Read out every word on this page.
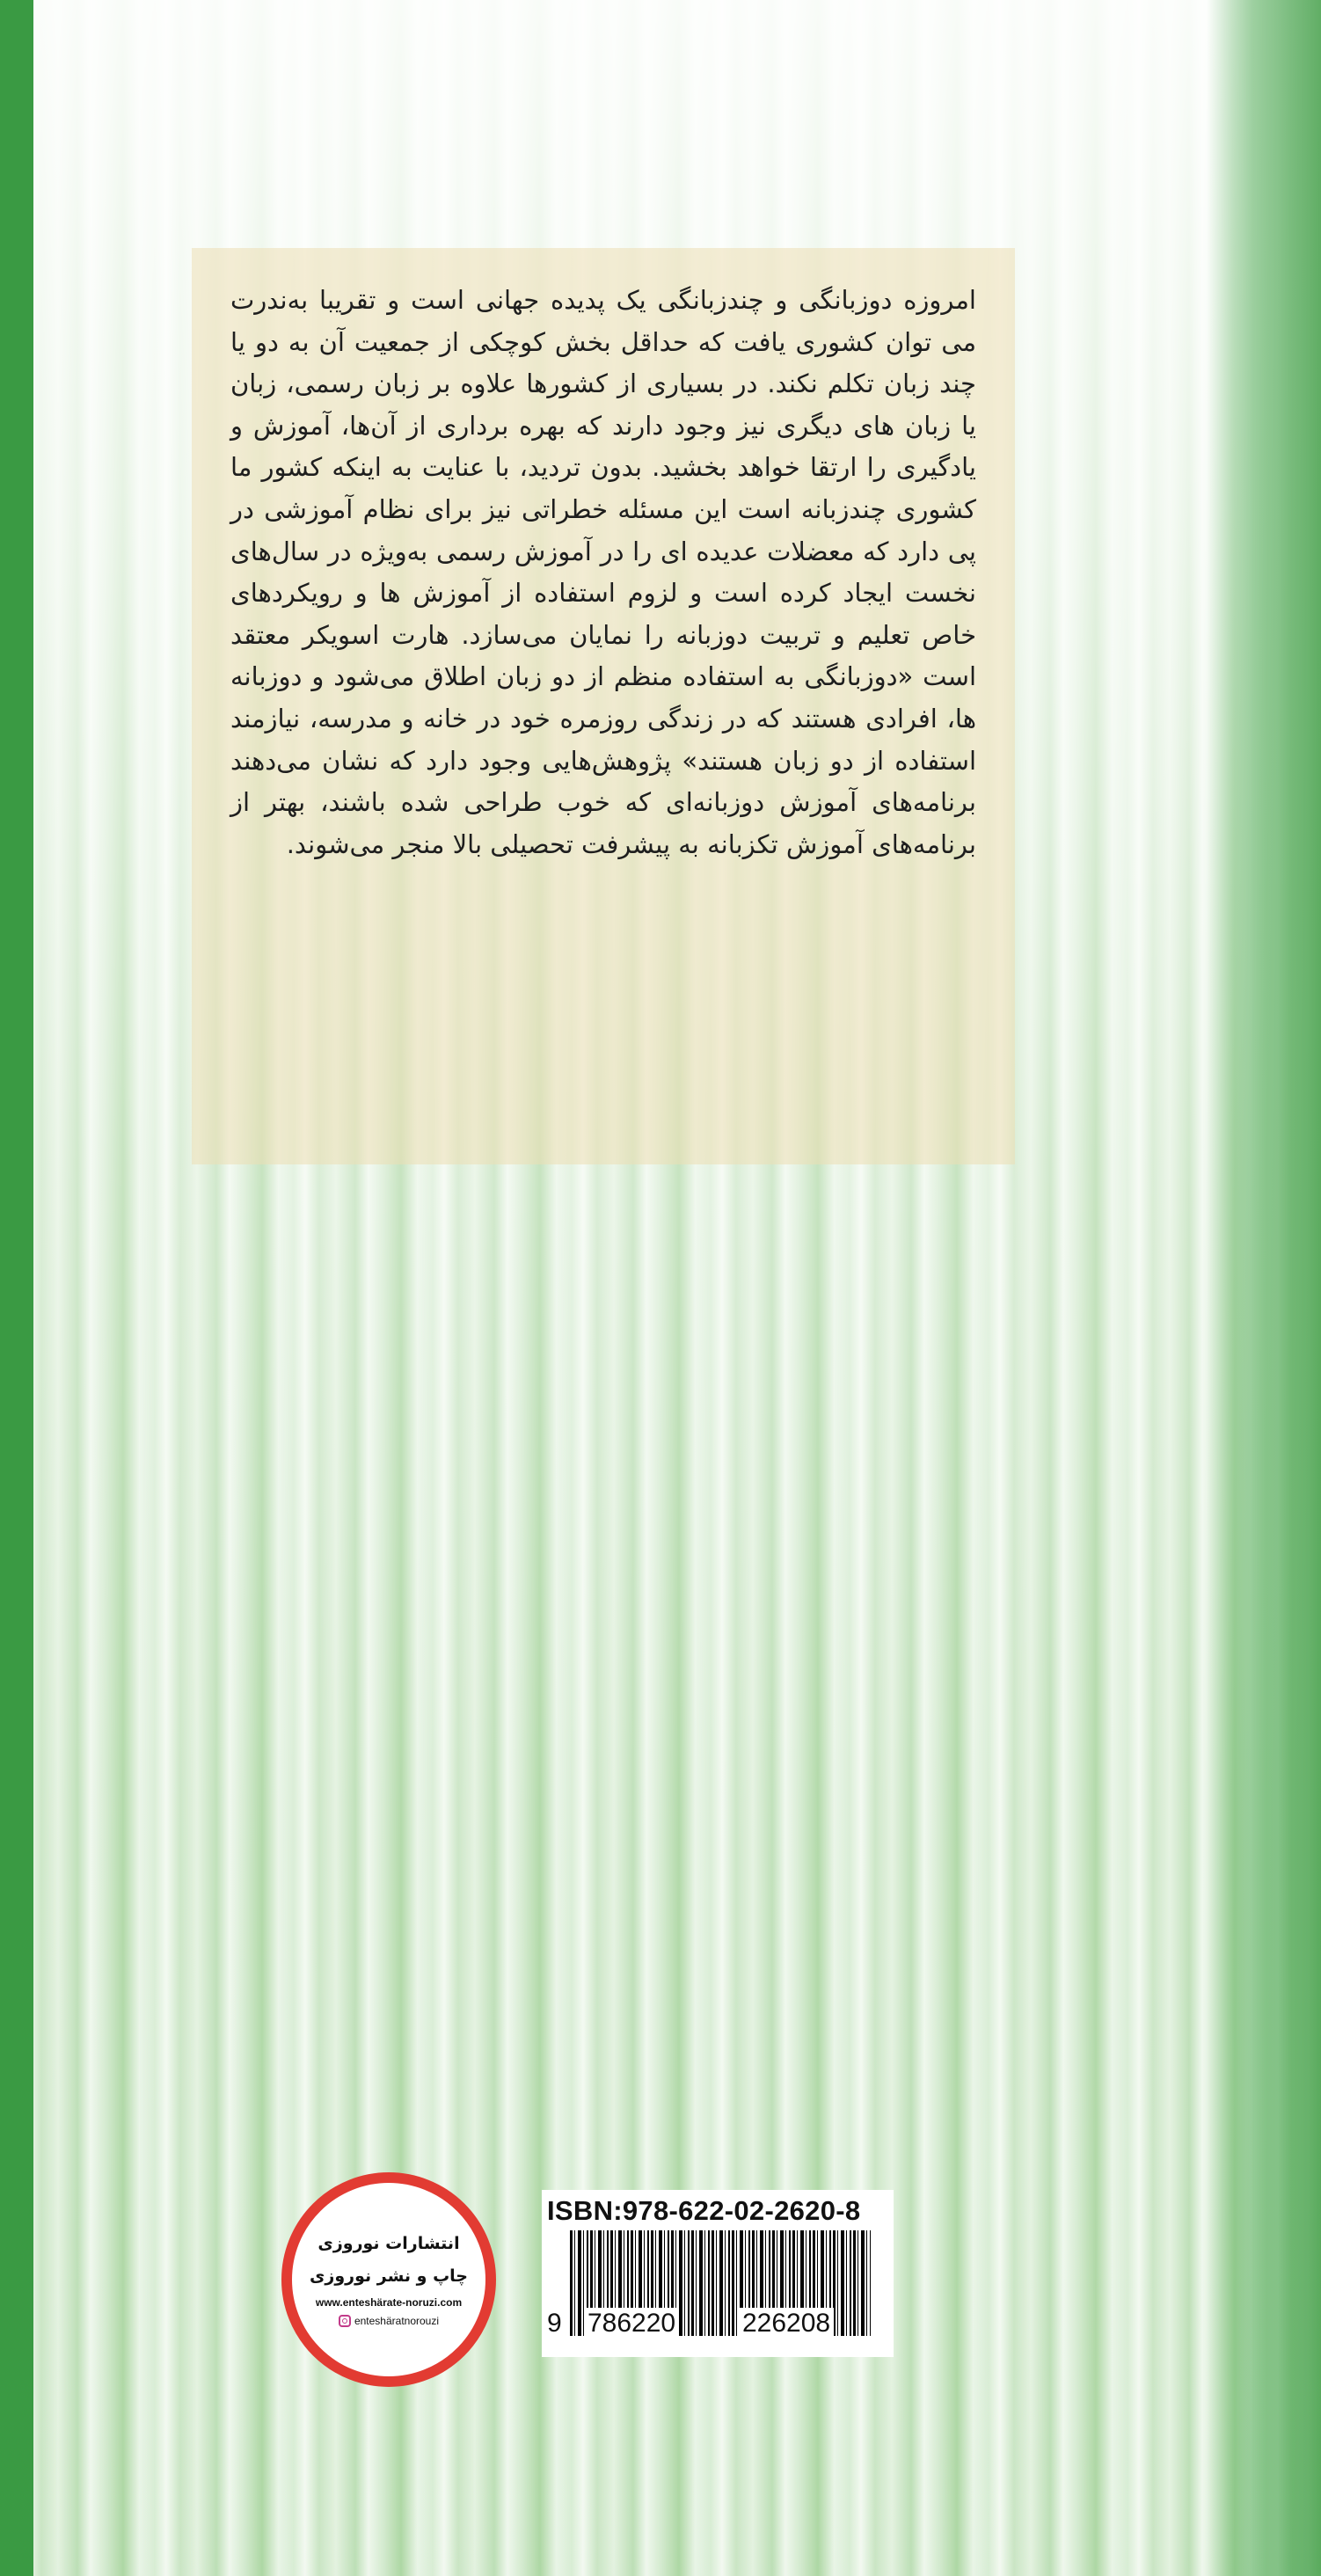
امروزه دوزبانگی و چندزبانگی یک پدیده جهانی است و تقریبا به‌ندرت می توان کشوری یافت که حداقل بخش کوچکی از جمعیت آن به دو یا چند زبان تکلم نکند. در بسیاری از کشورها علاوه بر زبان رسمی، زبان یا زبان های دیگری نیز وجود دارند که بهره برداری از آن‌ها، آموزش و یادگیری را ارتقا خواهد بخشید. بدون تردید، با عنایت به اینکه کشور ما کشوری چندزبانه است این مسئله خطراتی نیز برای نظام آموزشی در پی دارد که معضلات عدیده ای را در آموزش رسمی به‌ویژه در سال‌های نخست ایجاد کرده است و لزوم استفاده از آموزش ها و رویکردهای خاص تعلیم و تربیت دوزبانه را نمایان می‌سازد. هارت اسویکر معتقد است «دوزبانگی به استفاده منظم از دو زبان اطلاق می‌شود و دوزبانه ها، افرادی هستند که در زندگی روزمره خود در خانه و مدرسه، نیازمند استفاده از دو زبان هستند» پژوهش‌هایی وجود دارد که نشان می‌دهند برنامه‌های آموزش دوزبانه‌ای که خوب طراحی شده باشند، بهتر از برنامه‌های آموزش تکزبانه به پیشرفت تحصیلی بالا منجر می‌شوند.

انتشارات نوروزی
چاپ و نشر نوروزی
www.enteshärate-noruzi.com
enteshäratnorouzi
ISBN:978-622-02-2620-8
9 786220	226208
